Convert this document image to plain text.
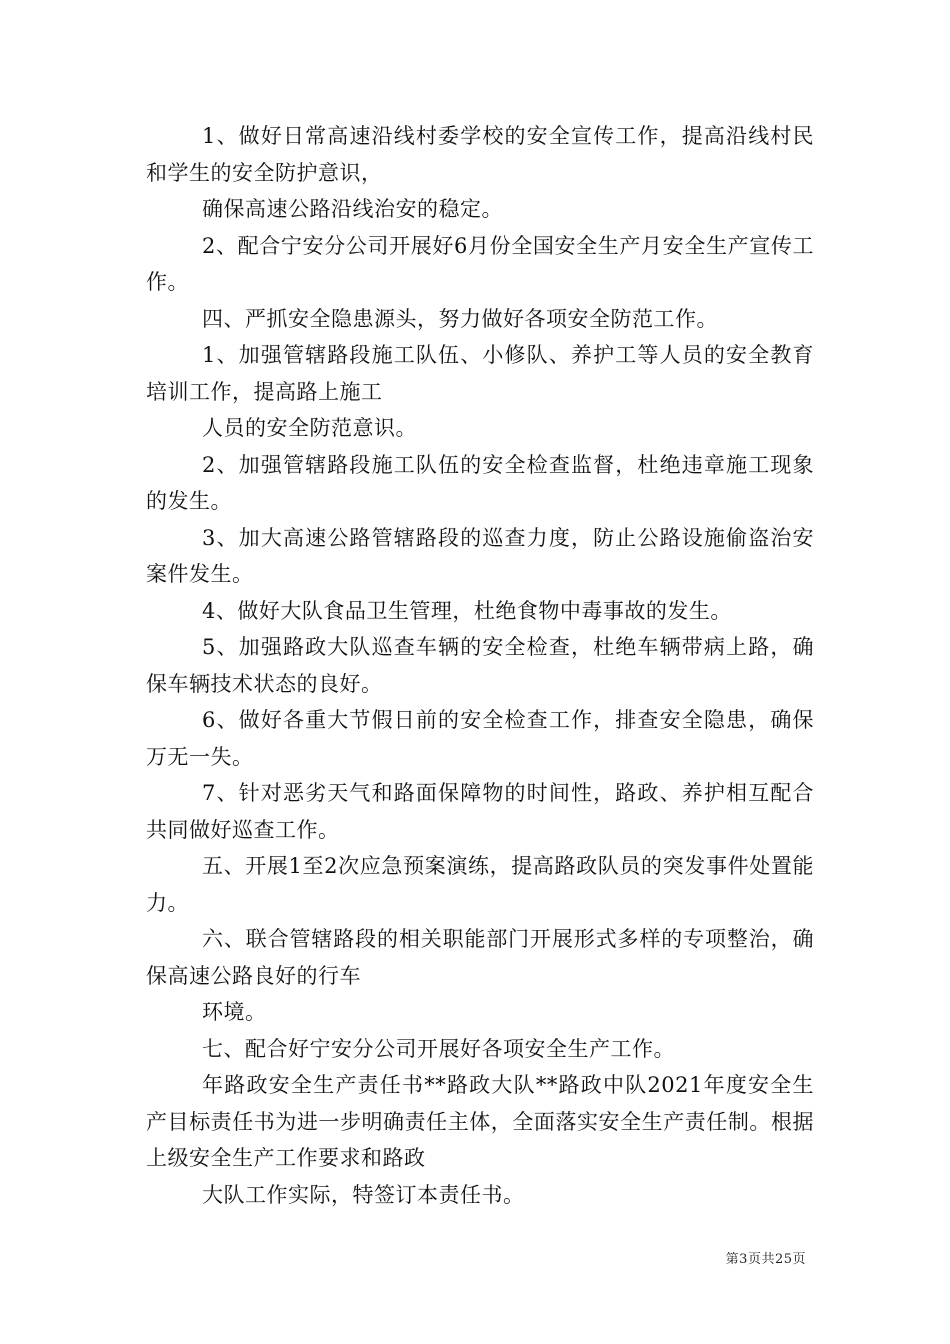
1、做好日常高速沿线村委学校的安全宣传工作，提高沿线村民和学生的安全防护意识，

确保高速公路沿线治安的稳定。

2、配合宁安分公司开展好6月份全国安全生产月安全生产宣传工作。

四、严抓安全隐患源头，努力做好各项安全防范工作。

1、加强管辖路段施工队伍、小修队、养护工等人员的安全教育培训工作，提高路上施工

人员的安全防范意识。

2、加强管辖路段施工队伍的安全检查监督，杜绝违章施工现象的发生。

3、加大高速公路管辖路段的巡查力度，防止公路设施偷盗治安案件发生。

4、做好大队食品卫生管理，杜绝食物中毒事故的发生。

5、加强路政大队巡查车辆的安全检查，杜绝车辆带病上路，确保车辆技术状态的良好。

6、做好各重大节假日前的安全检查工作，排查安全隐患，确保万无一失。

7、针对恶劣天气和路面保障物的时间性，路政、养护相互配合共同做好巡查工作。

五、开展1至2次应急预案演练，提高路政队员的突发事件处置能力。

六、联合管辖路段的相关职能部门开展形式多样的专项整治，确保高速公路良好的行车

环境。

七、配合好宁安分公司开展好各项安全生产工作。

年路政安全生产责任书**路政大队**路政中队2021年度安全生产目标责任书为进一步明确责任主体，全面落实安全生产责任制。根据上级安全生产工作要求和路政

大队工作实际，特签订本责任书。

第3页共25页
